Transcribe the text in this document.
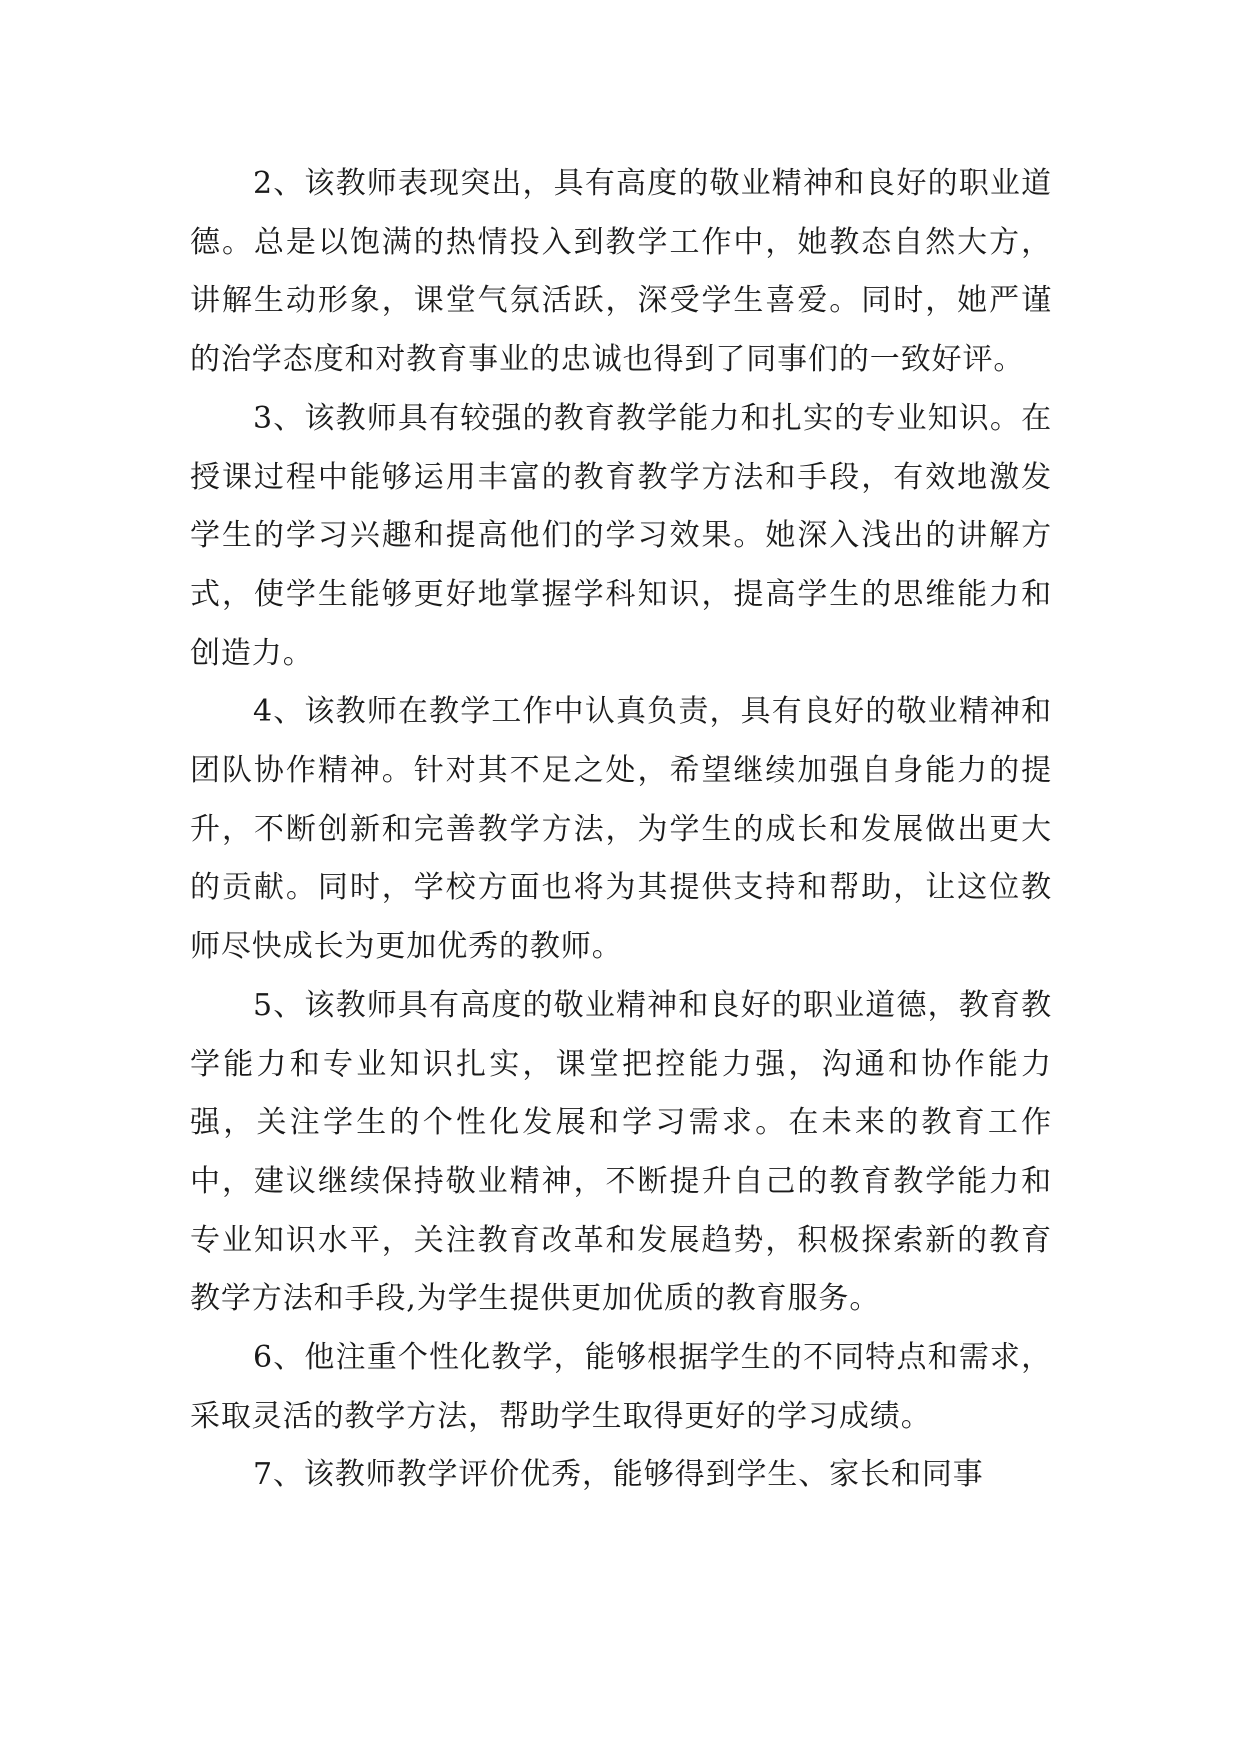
2、该教师表现突出，具有高度的敬业精神和良好的职业道德。总是以饱满的热情投入到教学工作中，她教态自然大方，讲解生动形象，课堂气氛活跃，深受学生喜爱。同时，她严谨的治学态度和对教育事业的忠诚也得到了同事们的一致好评。

3、该教师具有较强的教育教学能力和扎实的专业知识。在授课过程中能够运用丰富的教育教学方法和手段，有效地激发学生的学习兴趣和提高他们的学习效果。她深入浅出的讲解方式，使学生能够更好地掌握学科知识，提高学生的思维能力和创造力。

4、该教师在教学工作中认真负责，具有良好的敬业精神和团队协作精神。针对其不足之处，希望继续加强自身能力的提升，不断创新和完善教学方法，为学生的成长和发展做出更大的贡献。同时，学校方面也将为其提供支持和帮助，让这位教师尽快成长为更加优秀的教师。

5、该教师具有高度的敬业精神和良好的职业道德，教育教学能力和专业知识扎实，课堂把控能力强，沟通和协作能力强，关注学生的个性化发展和学习需求。在未来的教育工作中，建议继续保持敬业精神，不断提升自己的教育教学能力和专业知识水平，关注教育改革和发展趋势，积极探索新的教育教学方法和手段,为学生提供更加优质的教育服务。

6、他注重个性化教学，能够根据学生的不同特点和需求，采取灵活的教学方法，帮助学生取得更好的学习成绩。

7、该教师教学评价优秀，能够得到学生、家长和同事
